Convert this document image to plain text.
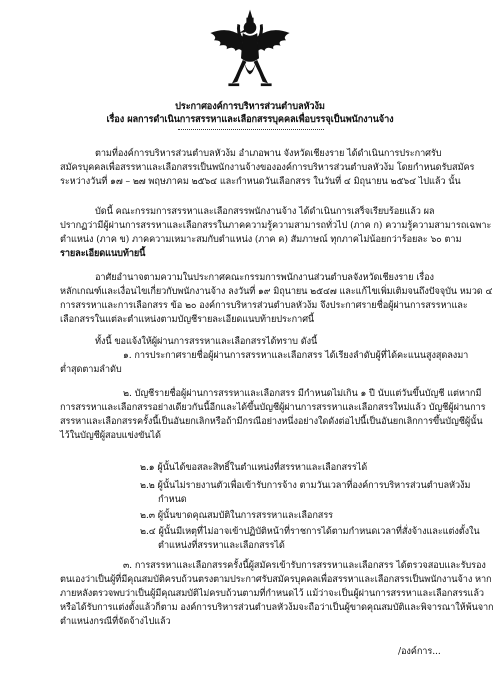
ประกาศองค์การบริหารส่วนตำบลหัวง้ม
เรื่อง ผลการดำเนินการสรรหาและเลือกสรรบุคคลเพื่อบรรจุเป็นพนักงานจ้าง
ตามที่องค์การบริหารส่วนตำบลหัวง้ม อำเภอพาน จังหวัดเชียงราย ได้ดำเนินการประกาศรับ
สมัครบุคคลเพื่อสรรหาและเลือกสรรเป็นพนักงานจ้างขององค์การบริหารส่วนตำบลหัวง้ม โดยกำหนดรับสมัคร
ระหว่างวันที่ ๑๗ – ๒๗ พฤษภาคม ๒๕๖๔ และกำหนดวันเลือกสรร ในวันที่ ๔ มิถุนายน ๒๕๖๔ ไปแล้ว นั้น
บัดนี้ คณะกรรมการสรรหาและเลือกสรรพนักงานจ้าง ได้ดำเนินการเสร็จเรียบร้อยแล้ว ผล
ปรากฏว่ามีผู้ผ่านการสรรหาและเลือกสรรในภาคความรู้ความสามารถทั่วไป (ภาค ก) ความรู้ความสามารถเฉพาะ
ตำแหน่ง (ภาค ข) ภาคความเหมาะสมกับตำแหน่ง (ภาค ค) สัมภาษณ์ ทุกภาคไม่น้อยกว่าร้อยละ ๖๐ ตาม
รายละเอียดแนบท้ายนี้
อาศัยอำนาจตามความในประกาศคณะกรรมการพนักงานส่วนตำบลจังหวัดเชียงราย เรื่อง
หลักเกณฑ์และเงื่อนไขเกี่ยวกับพนักงานจ้าง ลงวันที่ ๑๙ มิถุนายน ๒๕๔๗ และแก้ไขเพิ่มเติมจนถึงปัจจุบัน หมวด ๔
การสรรหาและการเลือกสรร ข้อ ๒๐ องค์การบริหารส่วนตำบลหัวง้ม จึงประกาศรายชื่อผู้ผ่านการสรรหาและ
เลือกสรรในแต่ละตำแหน่งตามบัญชีรายละเอียดแนบท้ายประกาศนี้
ทั้งนี้ ขอแจ้งให้ผู้ผ่านการสรรหาและเลือกสรรได้ทราบ ดังนี้
๑. การประกาศรายชื่อผู้ผ่านการสรรหาและเลือกสรร ได้เรียงลำดับผู้ที่ได้คะแนนสูงสุดลงมา
ต่ำสุดตามลำดับ
๒. บัญชีรายชื่อผู้ผ่านการสรรหาและเลือกสรร มีกำหนดไม่เกิน ๑ ปี นับแต่วันขึ้นบัญชี แต่หากมี
การสรรหาและเลือกสรรอย่างเดียวกันนี้อีกและได้ขึ้นบัญชีผู้ผ่านการสรรหาและเลือกสรรใหม่แล้ว บัญชีผู้ผ่านการ
สรรหาและเลือกสรรครั้งนี้เป็นอันยกเลิกหรือถ้ามีกรณีอย่างหนึ่งอย่างใดดังต่อไปนี้เป็นอันยกเลิกการขึ้นบัญชีผู้นั้น
ไว้ในบัญชีผู้สอบแข่งขันได้
๒.๑ ผู้นั้นได้ขอสละสิทธิ์ในตำแหน่งที่สรรหาและเลือกสรรได้
๒.๒ ผู้นั้นไม่รายงานตัวเพื่อเข้ารับการจ้าง ตามวันเวลาที่องค์การบริหารส่วนตำบลหัวง้ม
กำหนด
๒.๓ ผู้นั้นขาดคุณสมบัติในการสรรหาและเลือกสรร
๒.๔ ผู้นั้นมีเหตุที่ไม่อาจเข้าปฏิบัติหน้าที่ราชการได้ตามกำหนดเวลาที่สั่งจ้างและแต่งตั้งใน
ตำแหน่งที่สรรหาและเลือกสรรได้
๓. การสรรหาและเลือกสรรครั้งนี้ผู้สมัครเข้ารับการสรรหาและเลือกสรร ได้ตรวจสอบและรับรอง
ตนเองว่าเป็นผู้ที่มีคุณสมบัติครบถ้วนตรงตามประกาศรับสมัครบุคคลเพื่อสรรหาและเลือกสรรเป็นพนักงานจ้าง หาก
ภายหลังตรวจพบว่าเป็นผู้มีคุณสมบัติไม่ครบถ้วนตามที่กำหนดไว้ แม้ว่าจะเป็นผู้ผ่านการสรรหาและเลือกสรรแล้ว
หรือได้รับการแต่งตั้งแล้วก็ตาม องค์การบริหารส่วนตำบลหัวง้มจะถือว่าเป็นผู้ขาดคุณสมบัติและพิจารณาให้พ้นจาก
ตำแหน่งกรณีที่จัดจ้างไปแล้ว
/องค์การ...
